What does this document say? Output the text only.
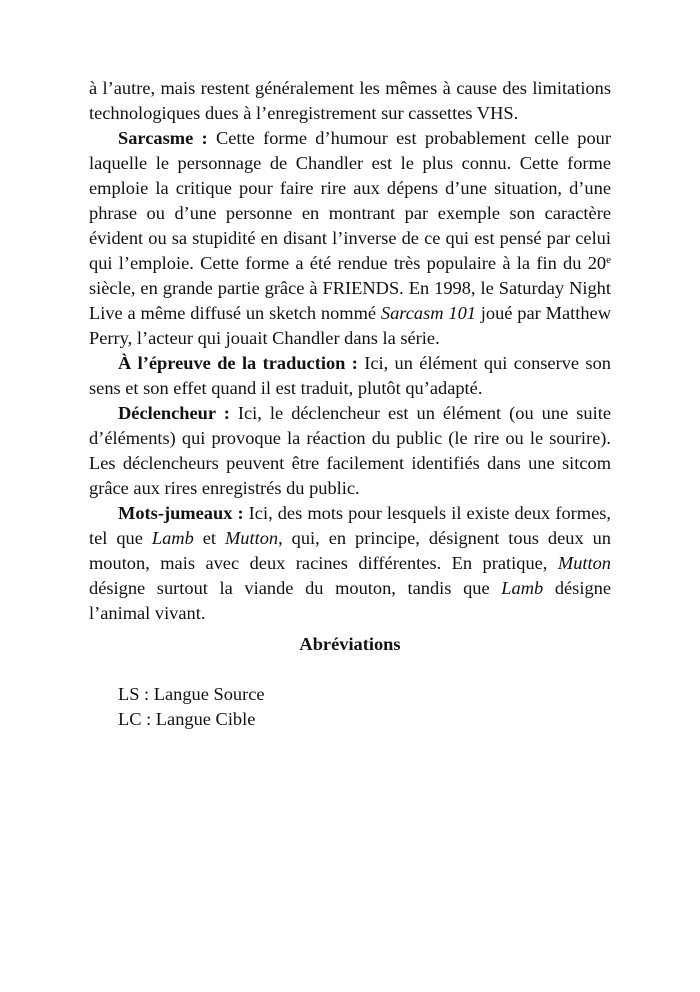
à l’autre, mais restent généralement les mêmes à cause des limitations technologiques dues à l’enregistrement sur cassettes VHS.

Sarcasme : Cette forme d’humour est probablement celle pour laquelle le personnage de Chandler est le plus connu. Cette forme emploie la critique pour faire rire aux dépens d’une situation, d’une phrase ou d’une personne en montrant par exemple son caractère évident ou sa stupidité en disant l’inverse de ce qui est pensé par celui qui l’emploie. Cette forme a été rendue très populaire à la fin du 20e siècle, en grande partie grâce à FRIENDS. En 1998, le Saturday Night Live a même diffusé un sketch nommé Sarcasm 101 joué par Matthew Perry, l’acteur qui jouait Chandler dans la série.

À l’épreuve de la traduction : Ici, un élément qui conserve son sens et son effet quand il est traduit, plutôt qu’adapté.

Déclencheur : Ici, le déclencheur est un élément (ou une suite d’éléments) qui provoque la réaction du public (le rire ou le sourire). Les déclencheurs peuvent être facilement identifiés dans une sitcom grâce aux rires enregistrés du public.

Mots-jumeaux : Ici, des mots pour lesquels il existe deux formes, tel que Lamb et Mutton, qui, en principe, désignent tous deux un mouton, mais avec deux racines différentes. En pratique, Mutton désigne surtout la viande du mouton, tandis que Lamb désigne l’animal vivant.

Abréviations
LS : Langue Source
LC : Langue Cible
